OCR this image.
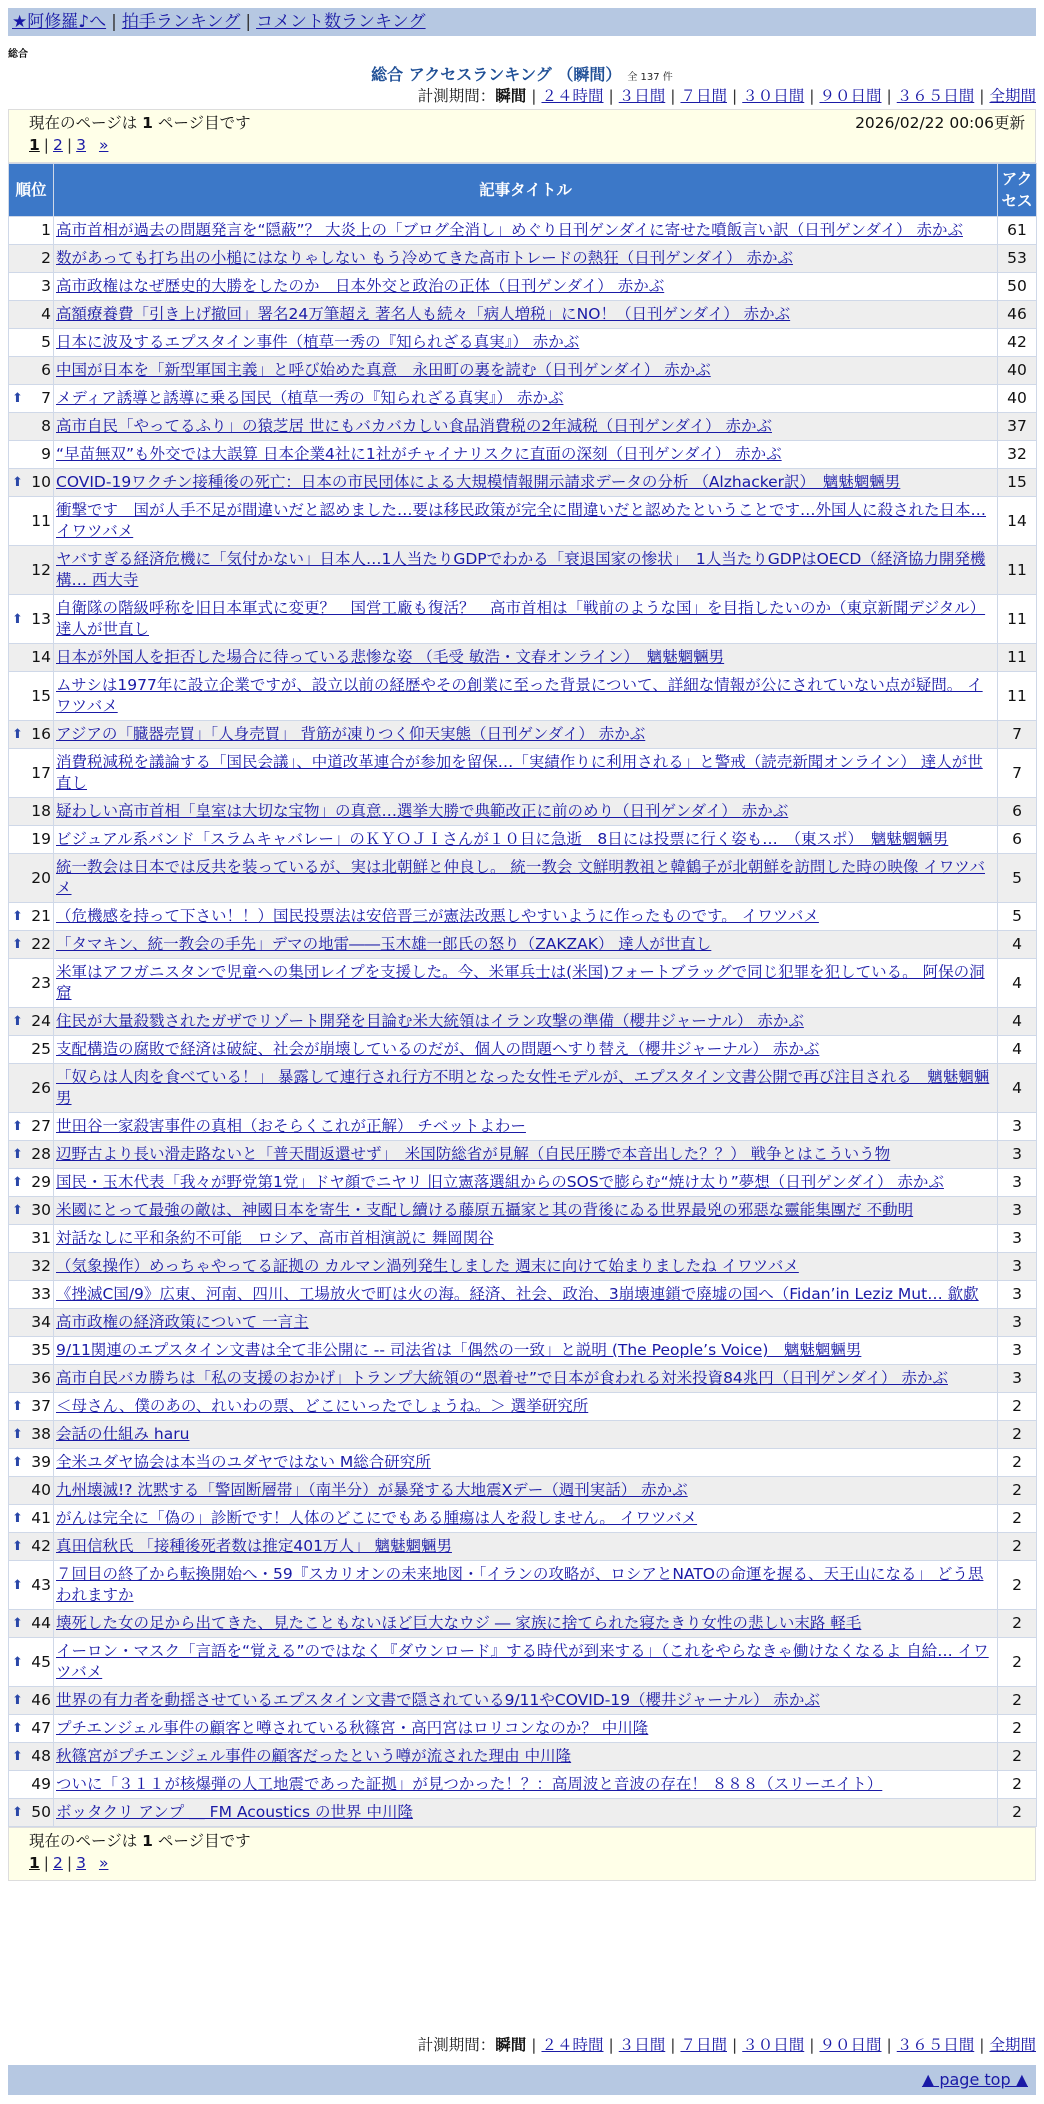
★阿修羅♪へ | 拍手ランキング | コメント数ランキング
総合
総合 アクセスランキング （瞬間） 全 137 件
計測期間：瞬間 | ２４時間 | ３日間 | ７日間 | ３０日間 | ９０日間 | ３６５日間 | 全期間
現在のページは 1 ページ目です	2026/02/22 00:06更新
1 | 2 | 3 »
順位	記事タイトル	アク
セス
1	高市首相が過去の問題発言を“隠蔽”？ 大炎上の「ブログ全消し」めぐり日刊ゲンダイに寄せた噴飯言い訳（日刊ゲンダイ） 赤かぶ	61
2	数があっても打ち出の小槌にはなりゃしない もう冷めてきた高市トレードの熱狂（日刊ゲンダイ） 赤かぶ	53
3	高市政権はなぜ歴史的大勝をしたのか　日本外交と政治の正体（日刊ゲンダイ） 赤かぶ	50
4	高額療養費「引き上げ撤回」署名24万筆超え 著名人も続々「病人増税」にNO！（日刊ゲンダイ） 赤かぶ	46
5	日本に波及するエプスタイン事件（植草一秀の『知られざる真実』） 赤かぶ	42
6	中国が日本を「新型軍国主義」と呼び始めた真意　永田町の裏を読む（日刊ゲンダイ） 赤かぶ	40

⬆ 7	メディア誘導と誘導に乗る国民（植草一秀の『知られざる真実』） 赤かぶ	40
8	高市自民「やってるふり」の猿芝居 世にもバカバカしい食品消費税の2年減税（日刊ゲンダイ） 赤かぶ	37
9	“早苗無双”も外交では大誤算 日本企業4社に1社がチャイナリスクに直面の深刻（日刊ゲンダイ） 赤かぶ	32

⬆ 10	COVID-19ワクチン接種後の死亡：日本の市民団体による大規模情報開示請求データの分析 （Alzhacker訳）　魑魅魍魎男	15
11	衝撃です　国が人手不足が間違いだと認めました…要は移民政策が完全に間違いだと認めたということです…外国人に殺された日本… イワツバメ	14
12	ヤバすぎる経済危機に「気付かない」日本人…1人当たりGDPでわかる「衰退国家の惨状」　1人当たりGDPはOECD（経済協力開発機構… 西大寺	11

⬆ 13	自衛隊の階級呼称を旧日本軍式に変更？　国営工廠も復活？　高市首相は「戦前のような国」を目指したいのか（東京新聞デジタル） 達人が世直し	11
14	日本が外国人を拒否した場合に待っている悲惨な姿 （毛受 敏浩・文春オンライン）　魑魅魍魎男	11
15	ムサシは1977年に設立企業ですが、設立以前の経歴やその創業に至った背景について、詳細な情報が公にされていない点が疑問。 イワツバメ	11

⬆ 16	アジアの「臓器売買」「人身売買」 背筋が凍りつく仰天実態（日刊ゲンダイ） 赤かぶ	7
17	消費税減税を議論する「国民会議」、中道改革連合が参加を留保…「実績作りに利用される」と警戒（読売新聞オンライン） 達人が世直し	7
18	疑わしい高市首相「皇室は大切な宝物」の真意…選挙大勝で典範改正に前のめり（日刊ゲンダイ） 赤かぶ	6
19	ビジュアル系バンド「スラムキャバレー」のＫＹＯＪＩさんが１０日に急逝　8日には投票に行く姿も…　（東スポ）　魑魅魍魎男	6
20	統一教会は日本では反共を装っているが、実は北朝鮮と仲良し。 統一教会 文鮮明教祖と韓鶴子が北朝鮮を訪問した時の映像 イワツバメ	5

⬆ 21	（危機感を持って下さい！！）国民投票法は安倍晋三が憲法改悪しやすいように作ったものです。 イワツバメ	5

⬆ 22	「タマキン、統一教会の手先」デマの地雷――玉木雄一郎氏の怒り（ZAKZAK） 達人が世直し	4
23	米軍はアフガニスタンで児童への集団レイプを支援した。今、米軍兵士は(米国)フォートブラッグで同じ犯罪を犯している。 阿保の洞窟	4

⬆ 24	住民が大量殺戮されたガザでリゾート開発を目論む米大統領はイラン攻撃の準備（櫻井ジャーナル） 赤かぶ	4
25	支配構造の腐敗で経済は破綻、社会が崩壊しているのだが、個人の問題へすり替え（櫻井ジャーナル） 赤かぶ	4
26	「奴らは人肉を食べている！」 暴露して連行され行方不明となった女性モデルが、エプスタイン文書公開で再び注目される　魑魅魍魎男	4

⬆ 27	世田谷一家殺害事件の真相（おそらくこれが正解） チベットよわー	3

⬆ 28	辺野古より長い滑走路ないと「普天間返還せず」　米国防総省が見解（自民圧勝で本音出した？？） 戦争とはこういう物	3

⬆ 29	国民・玉木代表「我々が野党第1党」ドヤ顔でニヤリ 旧立憲落選組からのSOSで膨らむ“焼け太り”夢想（日刊ゲンダイ） 赤かぶ	3

⬆ 30	米國にとって最強の敵は、神國日本を寄生・支配し續ける藤原五攝家と其の背後にゐる世界最兇の邪惡な靈能集團だ 不動明	3
31	対話なしに平和条約不可能　ロシア、高市首相演説に 舞岡関谷	3
32	（気象操作）めっちゃやってる証拠の カルマン渦列発生しました 週末に向けて始まりましたね イワツバメ	3
33	《挫滅C国/9》広東、河南、四川、工場放火で町は火の海。経済、社会、政治、3崩壊連鎖で廃墟の国へ（Fidan’in Leziz Mut… 歙歔	3
34	高市政権の経済政策について 一言主	3
35	9/11関連のエプスタイン文書は全て非公開に -- 司法省は「偶然の一致」と説明 (The People’s Voice)　魑魅魍魎男	3
36	高市自民バカ勝ちは「私の支援のおかげ」トランプ大統領の“恩着せ”で日本が食われる対米投資84兆円（日刊ゲンダイ） 赤かぶ	3

⬆ 37	＜母さん、僕のあの、れいわの票、どこにいったでしょうね。＞ 選挙研究所	2

⬆ 38	会話の仕組み haru	2

⬆ 39	全米ユダヤ協会は本当のユダヤではない M総合研究所	2
40	九州壊滅!? 沈黙する「警固断層帯」（南半分）が暴発する大地震Xデー（週刊実話） 赤かぶ	2

⬆ 41	がんは完全に「偽の」診断です！人体のどこにでもある腫瘍は人を殺しません。 イワツバメ	2

⬆ 42	真田信秋氏 「接種後死者数は推定401万人」 魑魅魍魎男	2

⬆ 43	７回目の終了から転換開始へ・59『スカリオンの未来地図・「イランの攻略が、ロシアとNATOの命運を握る、天王山になる」 どう思われますか	2

⬆ 44	壊死した女の足から出てきた、見たこともないほど巨大なウジ ― 家族に捨てられた寝たきり女性の悲しい末路 軽毛	2

⬆ 45	イーロン・マスク「言語を“覚える”のではなく『ダウンロード』する時代が到来する」（これをやらなきゃ働けなくなるよ 自給… イワツバメ	2

⬆ 46	世界の有力者を動揺させているエプスタイン文書で隠されている9/11やCOVID-19（櫻井ジャーナル） 赤かぶ	2

⬆ 47	プチエンジェル事件の顧客と噂されている秋篠宮・高円宮はロリコンなのか？ 中川隆	2

⬆ 48	秋篠宮がプチエンジェル事件の顧客だったという噂が流された理由 中川隆	2
49	ついに「３１１が核爆弾の人工地震であった証拠」が見つかった！？：高周波と音波の存在！ ８８８（スリーエイト）	2

⬆ 50	ボッタクリ アンプ ＿ FM Acoustics の世界 中川隆	2
計測期間：瞬間 | ２４時間 | ３日間 | ７日間 | ３０日間 | ９０日間 | ３６５日間 | 全期間
▲ page top ▲
現在のページは 1 ページ目です
1 | 2 | 3 »
